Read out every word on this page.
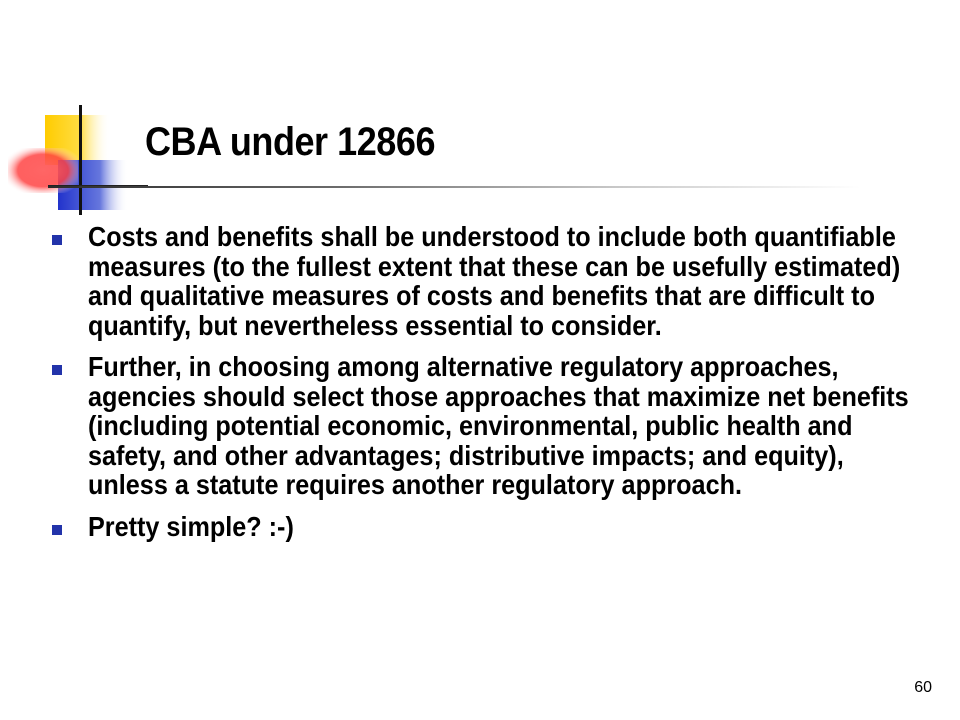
CBA under 12866
Costs and benefits shall be understood to include both quantifiable measures (to the fullest extent that these can be usefully estimated) and qualitative measures of costs and benefits that are difficult to quantify, but nevertheless essential to consider.
Further, in choosing among alternative regulatory approaches, agencies should select those approaches that maximize net benefits (including potential economic, environmental, public health and safety, and other advantages; distributive impacts; and equity), unless a statute requires another regulatory approach.
Pretty simple? :-)
60
